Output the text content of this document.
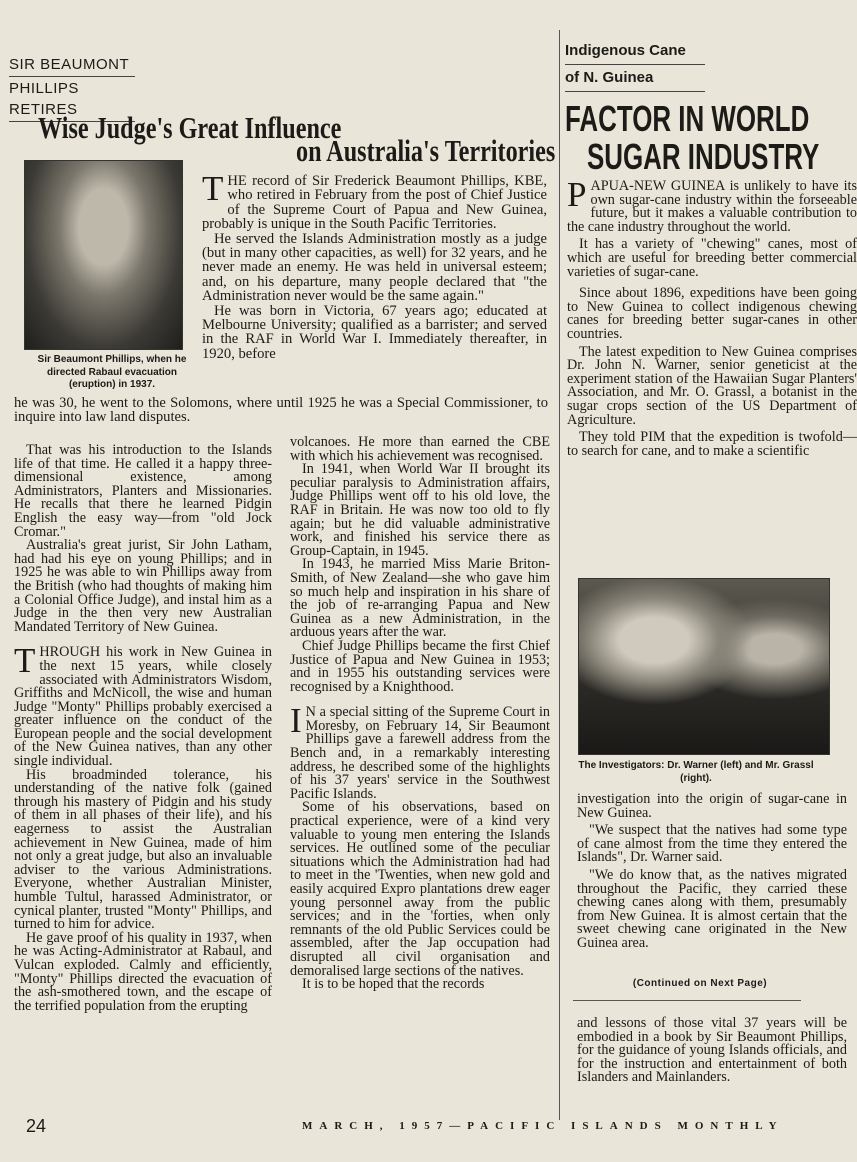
SIR BEAUMONT
PHILLIPS RETIRES
Wise Judge's Great Influence
on Australia's Territories
Sir Beaumont Phillips, when he directed Rabaul evacuation (eruption) in 1937.

THE record of Sir Frederick Beaumont Phillips, KBE, who retired in February from the post of Chief Justice of the Supreme Court of Papua and New Guinea, probably is unique in the South Pacific Territories.

He served the Islands Administration mostly as a judge (but in many other capacities, as well) for 32 years, and he never made an enemy. He was held in universal esteem; and, on his departure, many people declared that "the Administration never would be the same again."

He was born in Victoria, 67 years ago; educated at Melbourne University; qualified as a barrister; and served in the RAF in World War I. Immediately thereafter, in 1920, before

he was 30, he went to the Solomons, where until 1925 he was a Special Commissioner, to inquire into law land disputes.

That was his introduction to the Islands life of that time. He called it a happy three-dimensional existence, among Administrators, Planters and Missionaries. He recalls that there he learned Pidgin English the easy way—from "old Jock Cromar."

Australia's great jurist, Sir John Latham, had had his eye on young Phillips; and in 1925 he was able to win Phillips away from the British (who had thoughts of making him a Colonial Office Judge), and instal him as a Judge in the then very new Australian Mandated Territory of New Guinea.

THROUGH his work in New Guinea in the next 15 years, while closely associated with Administrators Wisdom, Griffiths and McNicoll, the wise and human Judge "Monty" Phillips probably exercised a greater influence on the conduct of the European people and the social development of the New Guinea natives, than any other single individual.

His broadminded tolerance, his understanding of the native folk (gained through his mastery of Pidgin and his study of them in all phases of their life), and his eagerness to assist the Australian achievement in New Guinea, made of him not only a great judge, but also an invaluable adviser to the various Administrations. Everyone, whether Australian Minister, humble Tultul, harassed Administrator, or cynical planter, trusted "Monty" Phillips, and turned to him for advice.

He gave proof of his quality in 1937, when he was Acting-Administrator at Rabaul, and Vulcan exploded. Calmly and efficiently, "Monty" Phillips directed the evacuation of the ash-smothered town, and the escape of the terrified population from the erupting

volcanoes. He more than earned the CBE with which his achievement was recognised.

In 1941, when World War II brought its peculiar paralysis to Administration affairs, Judge Phillips went off to his old love, the RAF in Britain. He was now too old to fly again; but he did valuable administrative work, and finished his service there as Group-Captain, in 1945.

In 1943, he married Miss Marie Briton-Smith, of New Zealand—she who gave him so much help and inspiration in his share of the job of re-arranging Papua and New Guinea as a new Administration, in the arduous years after the war.

Chief Judge Phillips became the first Chief Justice of Papua and New Guinea in 1953; and in 1955 his outstanding services were recognised by a Knighthood.

I N a special sitting of the Supreme Court in Moresby, on February 14, Sir Beaumont Phillips gave a farewell address from the Bench and, in a remarkably interesting address, he described some of the highlights of his 37 years' service in the Southwest Pacific Islands.

Some of his observations, based on practical experience, were of a kind very valuable to young men entering the Islands services. He outlined some of the peculiar situations which the Administration had had to meet in the 'Twenties, when new gold and easily acquired Expro plantations drew eager young personnel away from the public services; and in the 'forties, when only remnants of the old Public Services could be assembled, after the Jap occupation had disrupted all civil organisation and demoralised large sections of the natives.

It is to be hoped that the records

Indigenous Cane
of N. Guinea
FACTOR IN WORLD
SUGAR INDUSTRY

PAPUA-NEW GUINEA is unlikely to have its own sugar-cane industry within the forseeable future, but it makes a valuable contribution to the cane industry throughout the world.

It has a variety of "chewing" canes, most of which are useful for breeding better commercial varieties of sugar-cane.

Since about 1896, expeditions have been going to New Guinea to collect indigenous chewing canes for breeding better sugar-canes in other countries.

The latest expedition to New Guinea comprises Dr. John N. Warner, senior geneticist at the experiment station of the Hawaiian Sugar Planters' Association, and Mr. O. Grassl, a botanist in the sugar crops section of the US Department of Agriculture.

They told PIM that the expedition is twofold—to search for cane, and to make a scientific

The Investigators: Dr. Warner (left) and Mr. Grassl (right).

investigation into the origin of sugar-cane in New Guinea.

"We suspect that the natives had some type of cane almost from the time they entered the Islands", Dr. Warner said.

"We do know that, as the natives migrated throughout the Pacific, they carried these chewing canes along with them, presumably from New Guinea. It is almost certain that the sweet chewing cane originated in the New Guinea area.

(Continued on Next Page)

and lessons of those vital 37 years will be embodied in a book by Sir Beaumont Phillips, for the guidance of young Islands officials, and for the instruction and entertainment of both Islanders and Mainlanders.

24	MARCH, 1957—PACIFIC ISLANDS MONTHLY
